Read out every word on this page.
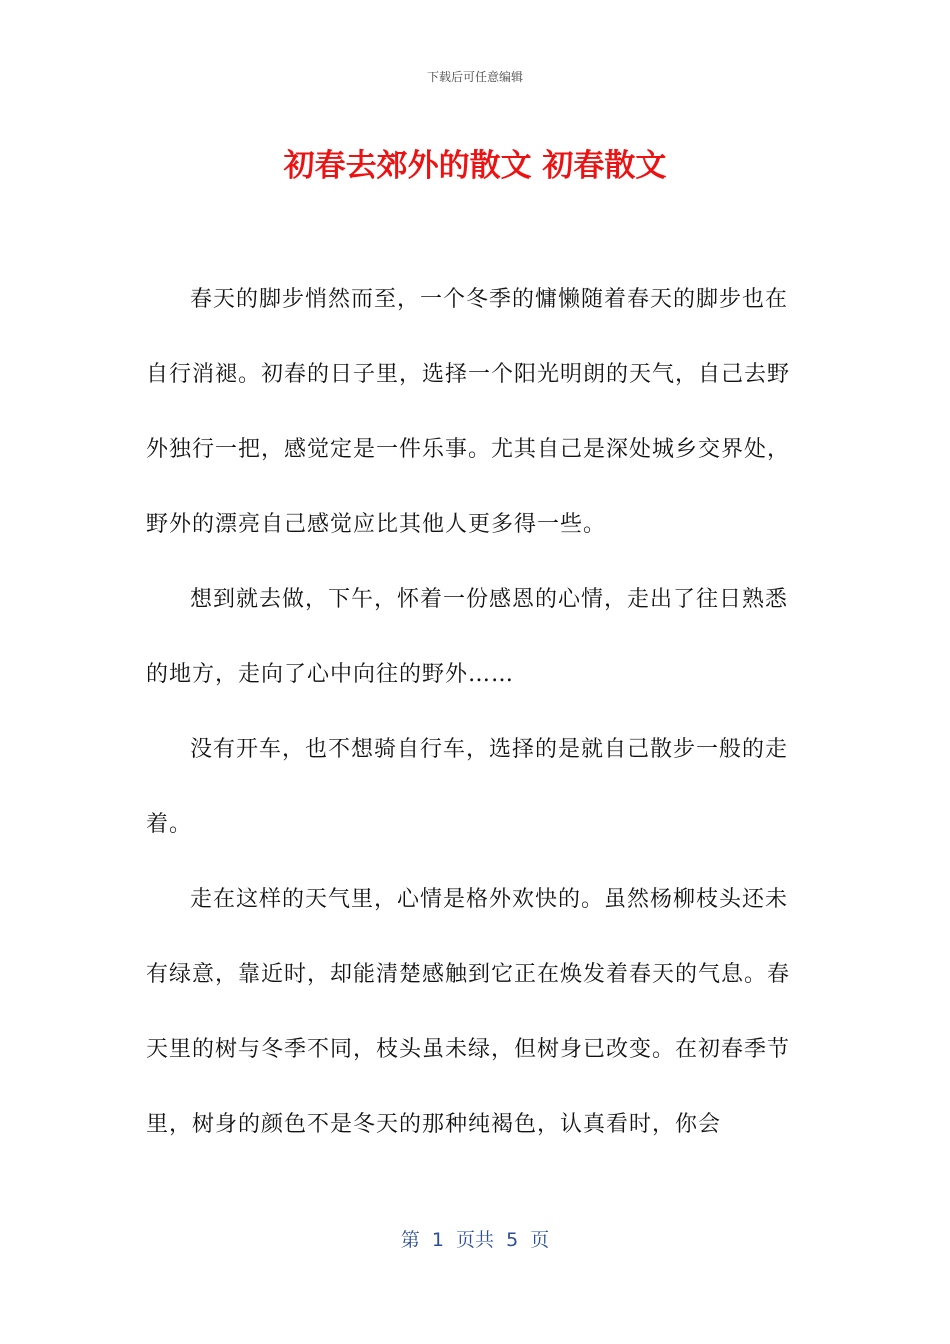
下载后可任意编辑
初春去郊外的散文 初春散文

春天的脚步悄然而至，一个冬季的慵懒随着春天的脚步也在自行消褪。初春的日子里，选择一个阳光明朗的天气，自己去野外独行一把，感觉定是一件乐事。尤其自己是深处城乡交界处，野外的漂亮自己感觉应比其他人更多得一些。

想到就去做，下午，怀着一份感恩的心情，走出了往日熟悉的地方，走向了心中向往的野外……

没有开车，也不想骑自行车，选择的是就自己散步一般的走着。

走在这样的天气里，心情是格外欢快的。虽然杨柳枝头还未有绿意，靠近时，却能清楚感触到它正在焕发着春天的气息。春天里的树与冬季不同，枝头虽未绿，但树身已改变。在初春季节里，树身的颜色不是冬天的那种纯褐色，认真看时，你会

第  1  页共  5  页
